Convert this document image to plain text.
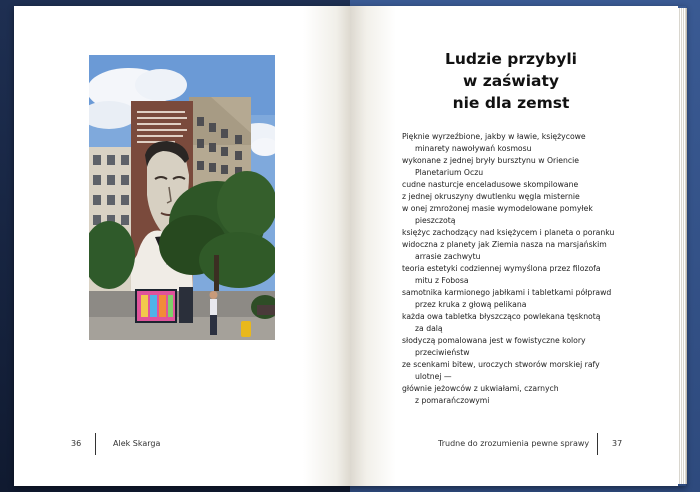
36	Alek Skarga	Trudne do zrozumienia pewne sprawy	37
Ludzie przybyli
w zaświaty
nie dla zemst
Pięknie wyrzeźbione, jakby w ławie, księżycowe
minarety nawoływań kosmosu
wykonane z jednej bryły bursztynu w Oriencie
Planetarium Oczu
cudne nasturcje enceladusowe skompilowane
z jednej okruszyny dwutlenku węgla misternie
w onej zmrożonej masie wymodelowane pomyłek
pieszczotą
księżyc zachodzący nad księżycem i planeta o poranku
widoczna z planety jak Ziemia nasza na marsjańskim
arrasie zachwytu
teoria estetyki codziennej wymyślona przez filozofa
mitu z Fobosa
samotnika karmionego jabłkami i tabletkami półprawd
przez kruka z głową pelikana
każda owa tabletka błyszcząco powlekana tęsknotą
za dalą
słodyczą pomalowana jest w fowistyczne kolory
przeciwieństw
ze scenkami bitew, uroczych stworów morskiej rafy
ulotnej —
głównie jeżowców z ukwiałami, czarnych
z pomarańczowymi
